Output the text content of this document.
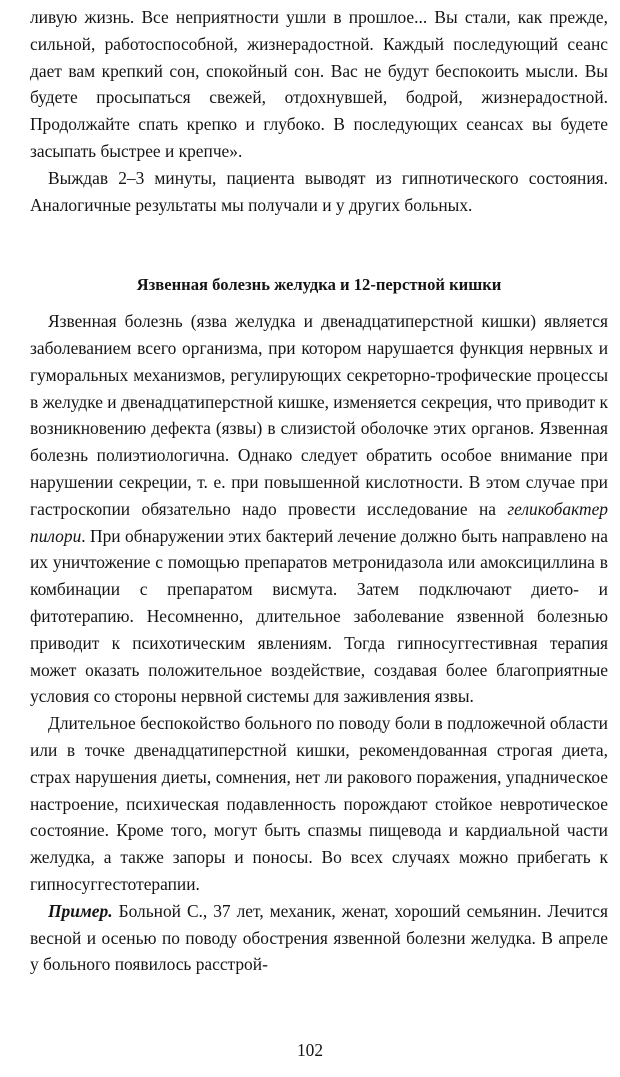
ливую жизнь. Все неприятности ушли в прошлое... Вы стали, как прежде, сильной, работоспособной, жизнерадостной. Каждый последующий сеанс дает вам крепкий сон, спокойный сон. Вас не будут беспокоить мысли. Вы будете просыпаться свежей, отдохнувшей, бодрой, жизнерадостной. Продолжайте спать крепко и глубоко. В последующих сеансах вы будете засыпать быстрее и крепче».

Выждав 2–3 минуты, пациента выводят из гипнотического состояния. Аналогичные результаты мы получали и у других больных.

Язвенная болезнь желудка и 12-перстной кишки

Язвенная болезнь (язва желудка и двенадцатиперстной кишки) является заболеванием всего организма, при котором нарушается функция нервных и гуморальных механизмов, регулирующих секреторно-трофические процессы в желудке и двенадцатиперстной кишке, изменяется секреция, что приводит к возникновению дефекта (язвы) в слизистой оболочке этих органов. Язвенная болезнь полиэтиологична. Однако следует обратить особое внимание при нарушении секреции, т. е. при повышенной кислотности. В этом случае при гастроскопии обязательно надо провести исследование на геликобактер пилори. При обнаружении этих бактерий лечение должно быть направлено на их уничтожение с помощью препаратов метронидазола или амоксициллина в комбинации с препаратом висмута. Затем подключают дието- и фитотерапию. Несомненно, длительное заболевание язвенной болезнью приводит к психотическим явлениям. Тогда гипносуггестивная терапия может оказать положительное воздействие, создавая более благоприятные условия со стороны нервной системы для заживления язвы.

Длительное беспокойство больного по поводу боли в подложечной области или в точке двенадцатиперстной кишки, рекомендованная строгая диета, страх нарушения диеты, сомнения, нет ли ракового поражения, упадническое настроение, психическая подавленность порождают стойкое невротическое состояние. Кроме того, могут быть спазмы пищевода и кардиальной части желудка, а также запоры и поносы. Во всех случаях можно прибегать к гипносуггестотерапии.

Пример. Больной С., 37 лет, механик, женат, хороший семьянин. Лечится весной и осенью по поводу обострения язвенной болезни желудка. В апреле у больного появилось расстрой-

102
